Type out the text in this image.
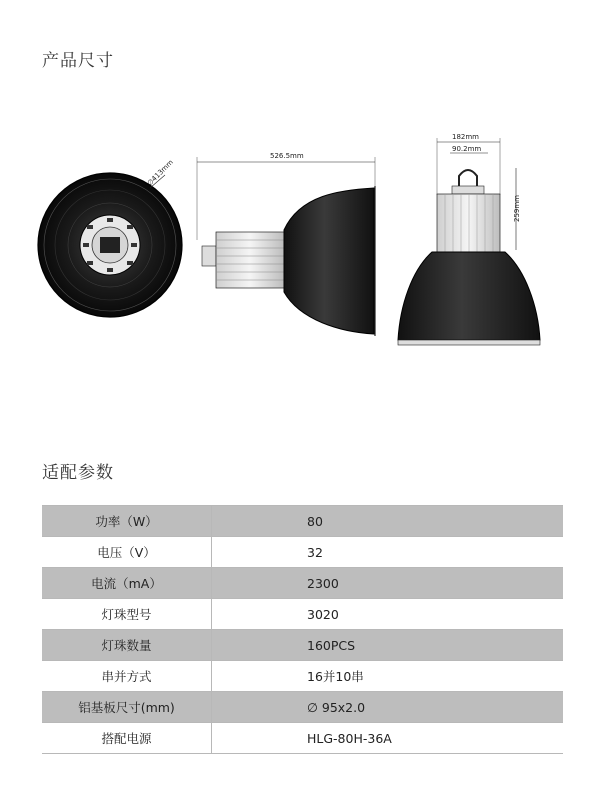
产品尺寸
∅413mm
526.5mm
182mm
90.2mm
259mm
适配参数
功率（W）	80
电压（V）	32
电流（mA）	2300
灯珠型号	3020
灯珠数量	160PCS
串并方式	16并10串
铝基板尺寸(mm)	∅ 95x2.0
搭配电源	HLG-80H-36A
